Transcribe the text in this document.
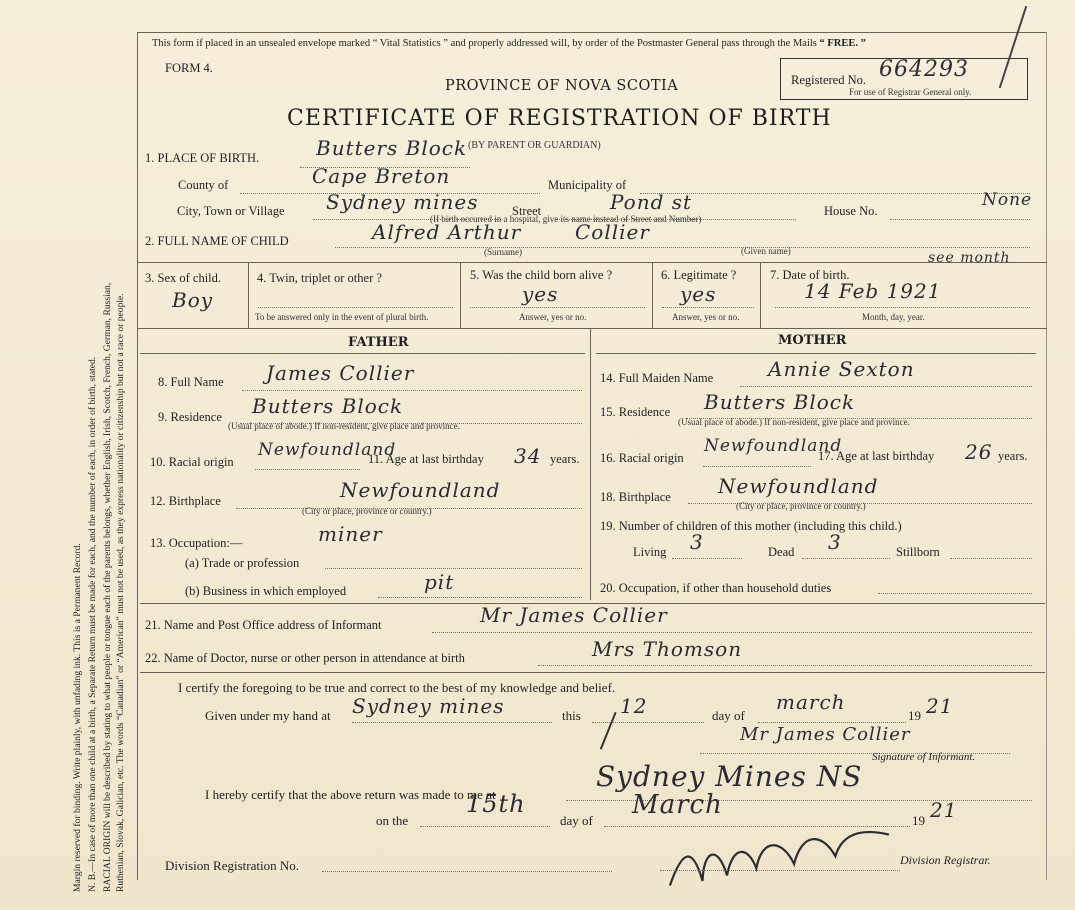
Margin reserved for binding. Write plainly, with unfading ink. This is a Permanent Record. N. B.—In case of more than one child at a birth, a Separate Return must be made for each, and the number of each, in order of birth, stated. RACIAL ORIGIN will be described by stating to what people or tongue each of the parents belongs, whether English, Irish, Scotch, French, German, Russian, Ruthenian, Slovak, Galician, etc. The words “Canadian” or “American” must not be used, as they express nationality or citizenship but not a race or people.
This form if placed in an unsealed envelope marked “ Vital Statistics ” and properly addressed will, by order of the Postmaster General pass through the Mails “ FREE. ”
FORM 4.
PROVINCE OF NOVA SCOTIA	Registered No. 664293
For use of Registrar General only.
CERTIFICATE OF REGISTRATION OF BIRTH
1. PLACE OF BIRTH.	Butters Block (BY PARENT OR GUARDIAN)
County of	Cape Breton	Municipality of
City, Town or Village Sydney mines	Street	Pond st
(If birth occurred in a hospital, give its name instead of Street and Number)
House No.
None
2. FULL NAME OF CHILD	Alfred Arthur	Collier
(Surname)	(Given name)
3. Sex of child.
Boy
4. Twin, triplet or other ?
To be answered only in the event of plural birth.
5. Was the child born alive ?
yes
Answer, yes or no.
6. Legitimate ?
yes
Answer, yes or no.
7. Date of birth.
see month
14 Feb 1921
Month, day, year.
FATHER	MOTHER
8. Full Name James Collier
9. Residence Butters Block
(Usual place of abode.) If non-resident, give place and province.
10. Racial origin
Newfoundland
11. Age at last birthday 34 years.
12. Birthplace	Newfoundland
(City or place, province or country.)
13. Occupation:—	miner
(a) Trade or profession
(b) Business in which employed	pit
14. Full Maiden Name	Annie Sexton
15. Residence Butters Block
(Usual place of abode.) If non-resident, give place and province.
16. Racial origin
Newfoundland
17. Age at last birthday 26 years.
18. Birthplace Newfoundland
(City or place, province or country.)
19. Number of children of this mother (including this child.)
Living 3	Dead 3	Stillborn
20. Occupation, if other than household duties
21. Name and Post Office address of Informant	Mr James Collier
22. Name of Doctor, nurse or other person in attendance at birth	Mrs Thomson
I certify the foregoing to be true and correct to the best of my knowledge and belief.
Given under my hand at Sydney mines	this 12	day of
march
19 21
Mr James Collier
Signature of Informant.
I hereby certify that the above return was made to me at
Sydney Mines NS
on the
15th
day of
March
19 21
Division Registration No.	Division Registrar.
